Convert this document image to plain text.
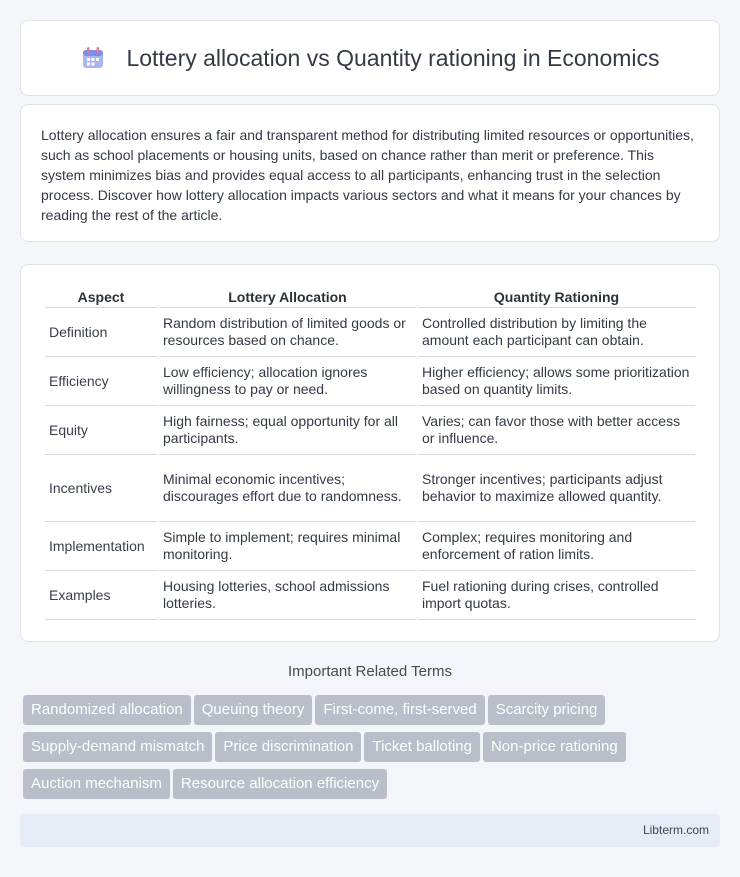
Lottery allocation vs Quantity rationing in Economics

Lottery allocation ensures a fair and transparent method for distributing limited resources or opportunities, such as school placements or housing units, based on chance rather than merit or preference. This system minimizes bias and provides equal access to all participants, enhancing trust in the selection process. Discover how lottery allocation impacts various sectors and what it means for your chances by reading the rest of the article.

Aspect	Lottery Allocation	Quantity Rationing
Definition	Random distribution of limited goods or resources based on chance.	Controlled distribution by limiting the amount each participant can obtain.
Efficiency	Low efficiency; allocation ignores willingness to pay or need.	Higher efficiency; allows some prioritization based on quantity limits.
Equity	High fairness; equal opportunity for all participants.	Varies; can favor those with better access or influence.
Incentives	Minimal economic incentives; discourages effort due to randomness.	Stronger incentives; participants adjust behavior to maximize allowed quantity.
Implementation	Simple to implement; requires minimal monitoring.	Complex; requires monitoring and enforcement of ration limits.
Examples	Housing lotteries, school admissions lotteries.	Fuel rationing during crises, controlled import quotas.
Important Related Terms
Randomized allocation Queuing theory First-come, first-served Scarcity pricing
Supply-demand mismatch Price discrimination Ticket balloting Non-price rationing
Auction mechanism Resource allocation efficiency
Libterm.com
